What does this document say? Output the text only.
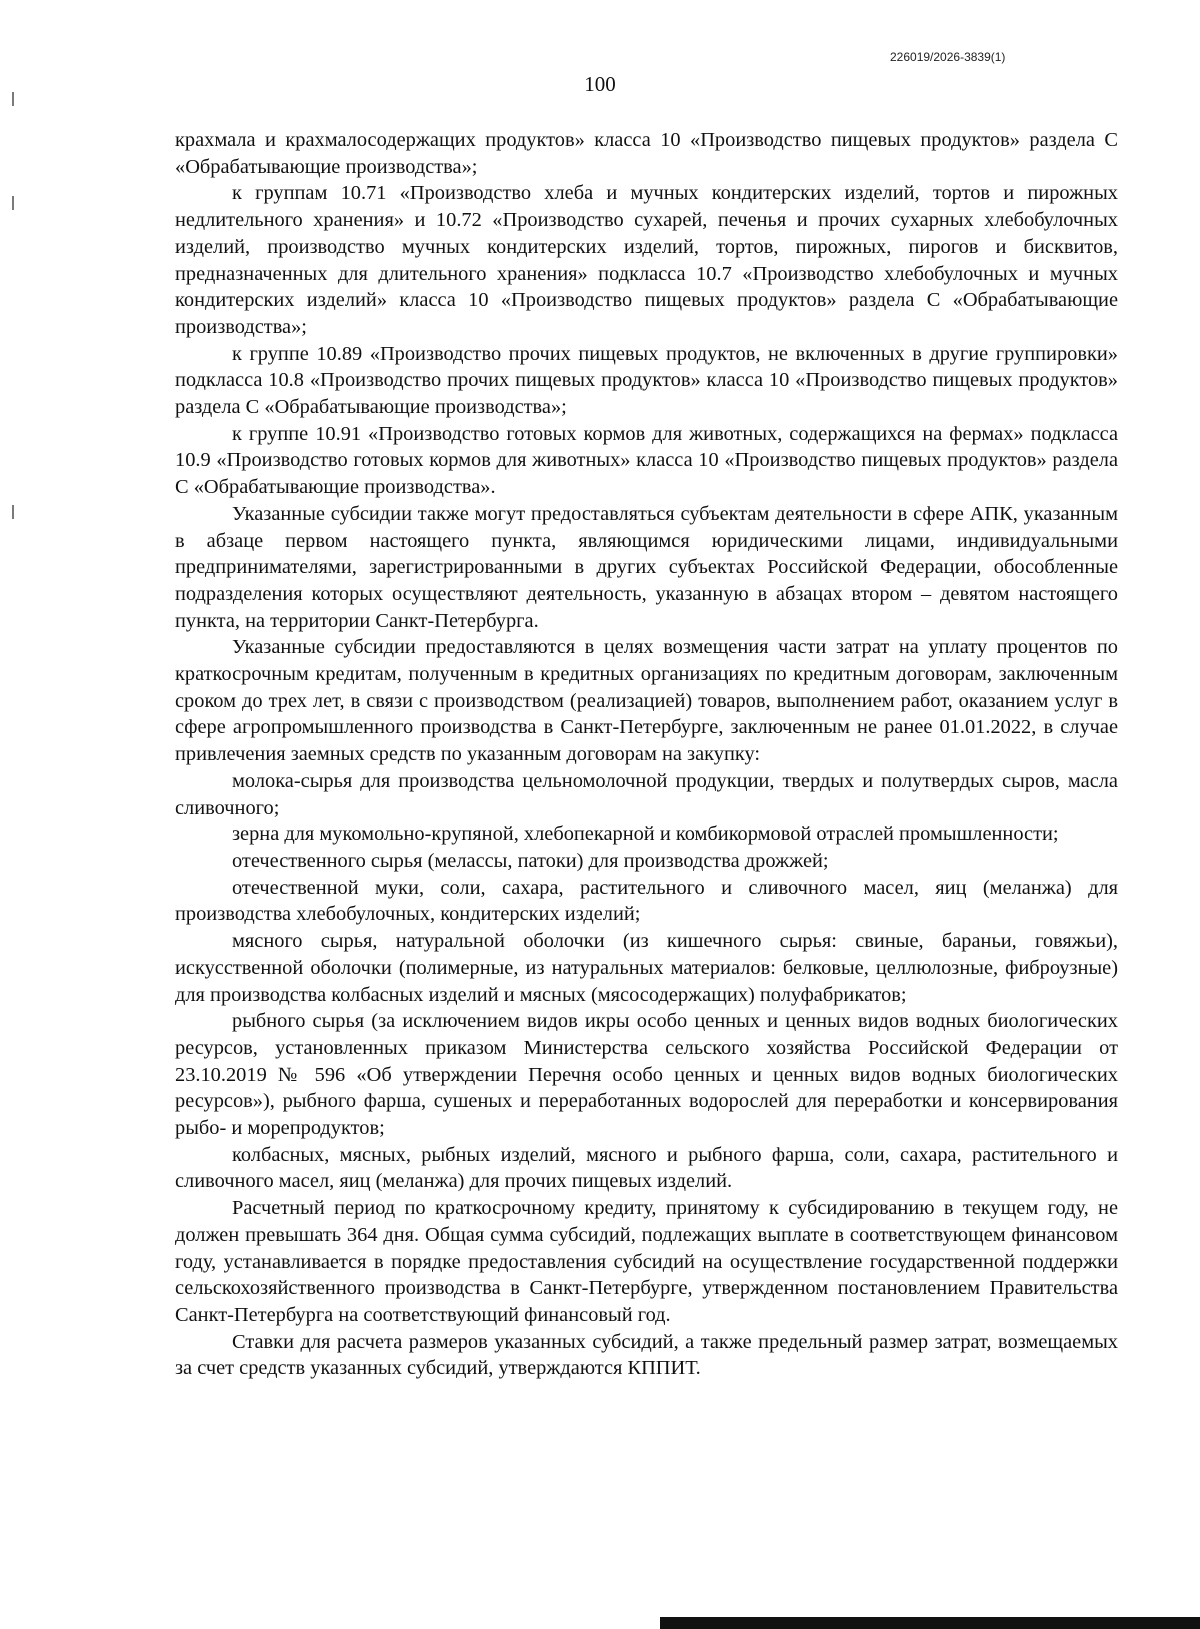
226019/2026-3839(1)
100

крахмала и крахмалосодержащих продуктов» класса 10 «Производство пищевых продуктов» раздела С «Обрабатывающие производства»;

к группам 10.71 «Производство хлеба и мучных кондитерских изделий, тортов и пирожных недлительного хранения» и 10.72 «Производство сухарей, печенья и прочих сухарных хлебобулочных изделий, производство мучных кондитерских изделий, тортов, пирожных, пирогов и бисквитов, предназначенных для длительного хранения» подкласса 10.7 «Производство хлебобулочных и мучных кондитерских изделий» класса 10 «Производство пищевых продуктов» раздела С «Обрабатывающие производства»;

к группе 10.89 «Производство прочих пищевых продуктов, не включенных в другие группировки» подкласса 10.8 «Производство прочих пищевых продуктов» класса 10 «Производство пищевых продуктов» раздела С «Обрабатывающие производства»;

к группе 10.91 «Производство готовых кормов для животных, содержащихся на фермах» подкласса 10.9 «Производство готовых кормов для животных» класса 10 «Производство пищевых продуктов» раздела С «Обрабатывающие производства».

Указанные субсидии также могут предоставляться субъектам деятельности в сфере АПК, указанным в абзаце первом настоящего пункта, являющимся юридическими лицами, индивидуальными предпринимателями, зарегистрированными в других субъектах Российской Федерации, обособленные подразделения которых осуществляют деятельность, указанную в абзацах втором – девятом настоящего пункта, на территории Санкт-Петербурга.

Указанные субсидии предоставляются в целях возмещения части затрат на уплату процентов по краткосрочным кредитам, полученным в кредитных организациях по кредитным договорам, заключенным сроком до трех лет, в связи с производством (реализацией) товаров, выполнением работ, оказанием услуг в сфере агропромышленного производства в Санкт-Петербурге, заключенным не ранее 01.01.2022, в случае привлечения заемных средств по указанным договорам на закупку:

молока-сырья для производства цельномолочной продукции, твердых и полутвердых сыров, масла сливочного;

зерна для мукомольно-крупяной, хлебопекарной и комбикормовой отраслей промышленности;

отечественного сырья (мелассы, патоки) для производства дрожжей;

отечественной муки, соли, сахара, растительного и сливочного масел, яиц (меланжа) для производства хлебобулочных, кондитерских изделий;

мясного сырья, натуральной оболочки (из кишечного сырья: свиные, бараньи, говяжьи), искусственной оболочки (полимерные, из натуральных материалов: белковые, целлюлозные, фиброузные) для производства колбасных изделий и мясных (мясосодержащих) полуфабрикатов;

рыбного сырья (за исключением видов икры особо ценных и ценных видов водных биологических ресурсов, установленных приказом Министерства сельского хозяйства Российской Федерации от 23.10.2019 № 596 «Об утверждении Перечня особо ценных и ценных видов водных биологических ресурсов»), рыбного фарша, сушеных и переработанных водорослей для переработки и консервирования рыбо- и морепродуктов;

колбасных, мясных, рыбных изделий, мясного и рыбного фарша, соли, сахара, растительного и сливочного масел, яиц (меланжа) для прочих пищевых изделий.

Расчетный период по краткосрочному кредиту, принятому к субсидированию в текущем году, не должен превышать 364 дня. Общая сумма субсидий, подлежащих выплате в соответствующем финансовом году, устанавливается в порядке предоставления субсидий на осуществление государственной поддержки сельскохозяйственного производства в Санкт-Петербурге, утвержденном постановлением Правительства Санкт-Петербурга на соответствующий финансовый год.

Ставки для расчета размеров указанных субсидий, а также предельный размер затрат, возмещаемых за счет средств указанных субсидий, утверждаются КППИТ.
